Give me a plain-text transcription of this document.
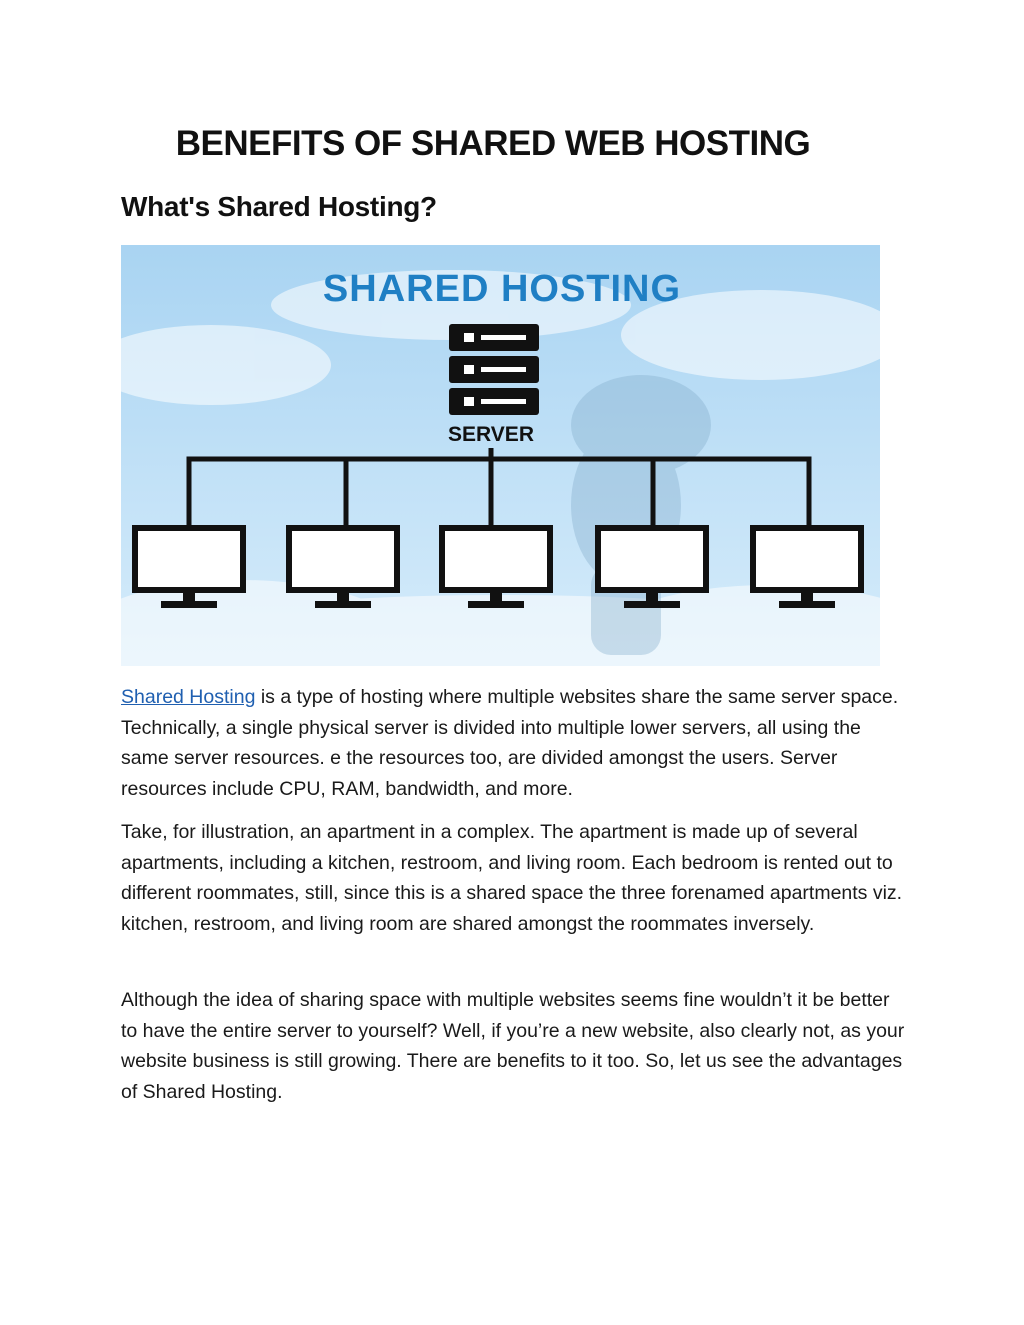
BENEFITS OF SHARED WEB HOSTING
What's Shared Hosting?
SHARED HOSTING
SERVER

Shared Hosting is a type of hosting where multiple websites share the same server space. Technically, a single physical server is divided into multiple lower servers, all using the same server resources. e the resources too, are divided amongst the users. Server resources include CPU, RAM, bandwidth, and more.

Take, for illustration, an apartment in a complex. The apartment is made up of several apartments, including a kitchen, restroom, and living room. Each bedroom is rented out to different roommates, still, since this is a shared space the three forenamed apartments viz. kitchen, restroom, and living room are shared amongst the roommates inversely.

Although the idea of sharing space with multiple websites seems fine wouldn’t it be better to have the entire server to yourself? Well, if you’re a new website, also clearly not, as your website business is still growing. There are benefits to it too. So, let us see the advantages of Shared Hosting.
